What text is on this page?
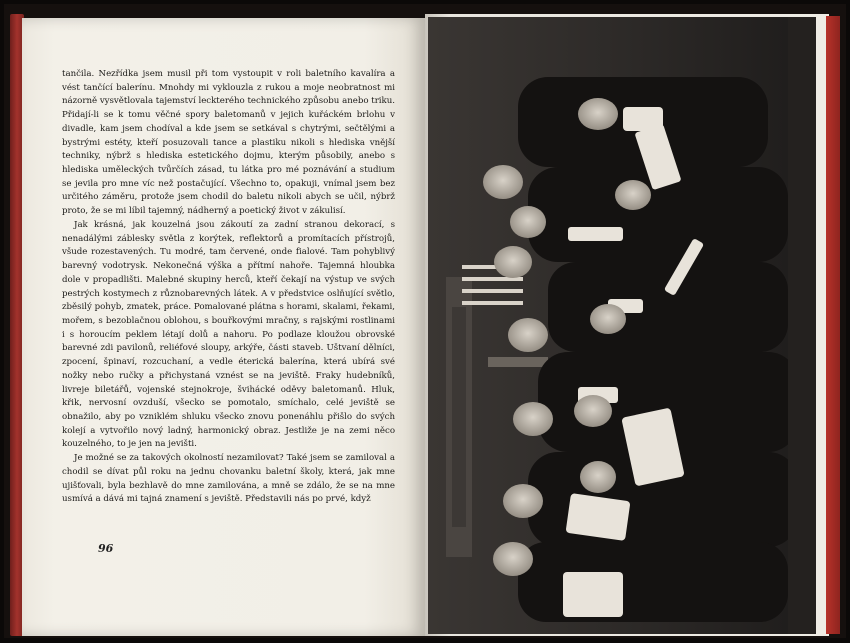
tančila. Nezřídka jsem musil při tom vystoupit v roli baletního kavalíra a vést tančící balerínu. Mnohdy mi vyklouzla z rukou a moje neobratnost mi názorně vysvětlovala tajemství leckterého technického způsobu anebo triku. Přidají-li se k tomu věčné spory baletomanů v jejich kuřáckém brlohu v divadle, kam jsem chodíval a kde jsem se setkával s chytrými, sečtělými a bystrými estéty, kteří posuzovali tance a plastiku nikoli s hlediska vnější techniky, nýbrž s hlediska estetického dojmu, kterým působily, anebo s hlediska uměleckých tvůrčích zásad, tu látka pro mé poznávání a studium se jevila pro mne víc než postačující. Všechno to, opakuji, vnímal jsem bez určitého záměru, protože jsem chodil do baletu nikoli abych se učil, nýbrž proto, že se mi líbil tajemný, nádherný a poetický život v zákulisí.

Jak krásná, jak kouzelná jsou zákoutí za zadní stranou dekorací, s nenadálými záblesky světla z korýtek, reflektorů a promítacích přístrojů, všude rozestavených. Tu modré, tam červené, onde fialové. Tam pohyblivý barevný vodotrysk. Nekonečná výška a přítmí nahoře. Tajemná hloubka dole v propadlišti. Malebné skupiny herců, kteří čekají na výstup ve svých pestrých kostymech z různobarevných látek. A v předstvice oslňující světlo, zběsilý pohyb, zmatek, práce. Pomalované plátna s horami, skalami, řekami, mořem, s bezoblačnou oblohou, s bouřkovými mračny, s rajskými rostlinami i s horoucím peklem létají dolů a nahoru. Po podlaze kloužou obrovské barevné zdi pavilonů, reliéfové sloupy, arkýře, části staveb. Uštvaní dělníci, zpocení, špinaví, rozcuchaní, a vedle éterická balerína, která ubírá své nožky nebo ručky a přichystaná vznést se na jeviště. Fraky hudebníků, livreje biletářů, vojenské stejnokroje, švihácké oděvy baletomanů. Hluk, křik, nervosní ovzduší, všecko se pomotalo, smíchalo, celé jeviště se obnažilo, aby po vzniklém shluku všecko znovu ponenáhlu přišlo do svých kolejí a vytvořilo nový ladný, harmonický obraz. Jestliže je na zemi něco kouzelného, to je jen na jevišti.

Je možné se za takových okolností nezamilovat? Také jsem se zamiloval a chodil se dívat půl roku na jednu chovanku baletní školy, která, jak mne ujišťovali, byla bezhlavě do mne zamilována, a mně se zdálo, že se na mne usmívá a dává mi tajná znamení s jeviště. Představili nás po prvé, když

96
